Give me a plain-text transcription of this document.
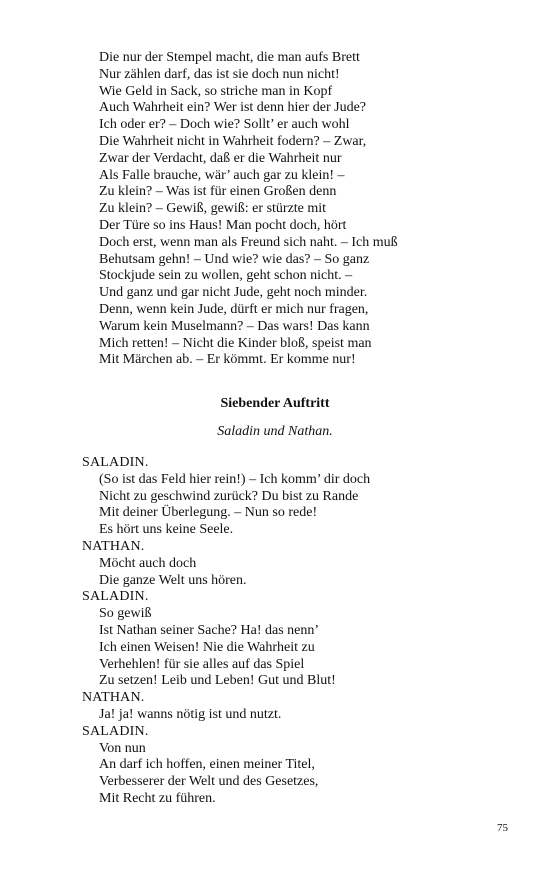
Die nur der Stempel macht, die man aufs Brett
Nur zählen darf, das ist sie doch nun nicht!
Wie Geld in Sack, so striche man in Kopf
Auch Wahrheit ein? Wer ist denn hier der Jude?
Ich oder er? – Doch wie? Sollt’ er auch wohl
Die Wahrheit nicht in Wahrheit fodern? – Zwar,
Zwar der Verdacht, daß er die Wahrheit nur
Als Falle brauche, wär’ auch gar zu klein! –
Zu klein? – Was ist für einen Großen denn
Zu klein? – Gewiß, gewiß: er stürzte mit
Der Türe so ins Haus! Man pocht doch, hört
Doch erst, wenn man als Freund sich naht. – Ich muß
Behutsam gehn! – Und wie? wie das? – So ganz
Stockjude sein zu wollen, geht schon nicht. –
Und ganz und gar nicht Jude, geht noch minder.
Denn, wenn kein Jude, dürft er mich nur fragen,
Warum kein Muselmann? – Das wars! Das kann
Mich retten! – Nicht die Kinder bloß, speist man
Mit Märchen ab. – Er kömmt. Er komme nur!
Siebender Auftritt
Saladin und Nathan.
SALADIN.
(So ist das Feld hier rein!) – Ich komm’ dir doch
Nicht zu geschwind zurück? Du bist zu Rande
Mit deiner Überlegung. – Nun so rede!
Es hört uns keine Seele.
NATHAN.
Möcht auch doch
Die ganze Welt uns hören.
SALADIN.
So gewiß
Ist Nathan seiner Sache? Ha! das nenn’
Ich einen Weisen! Nie die Wahrheit zu
Verhehlen! für sie alles auf das Spiel
Zu setzen! Leib und Leben! Gut und Blut!
NATHAN.
Ja! ja! wanns nötig ist und nutzt.
SALADIN.
Von nun
An darf ich hoffen, einen meiner Titel,
Verbesserer der Welt und des Gesetzes,
Mit Recht zu führen.
75
